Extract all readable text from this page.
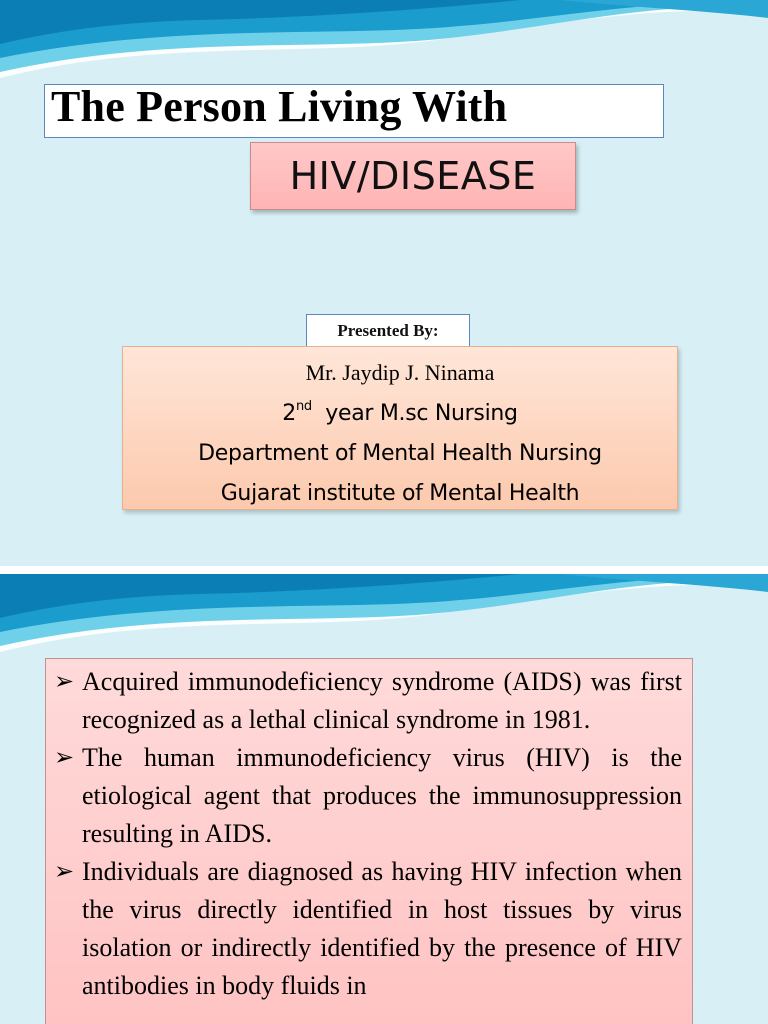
The Person Living With
HIV/DISEASE
Presented By:
Mr. Jaydip J. Ninama
2nd year M.sc Nursing
Department of Mental Health Nursing
Gujarat institute of Mental Health
➢ Acquired immunodeficiency syndrome (AIDS) was first recognized as a lethal clinical syndrome in 1981.
➢ The human immunodeficiency virus (HIV) is the etiological agent that produces the immunosuppression resulting in AIDS.
➢ Individuals are diagnosed as having HIV infection when the virus directly identified in host tissues by virus isolation or indirectly identified by the presence of HIV antibodies in body fluids in
